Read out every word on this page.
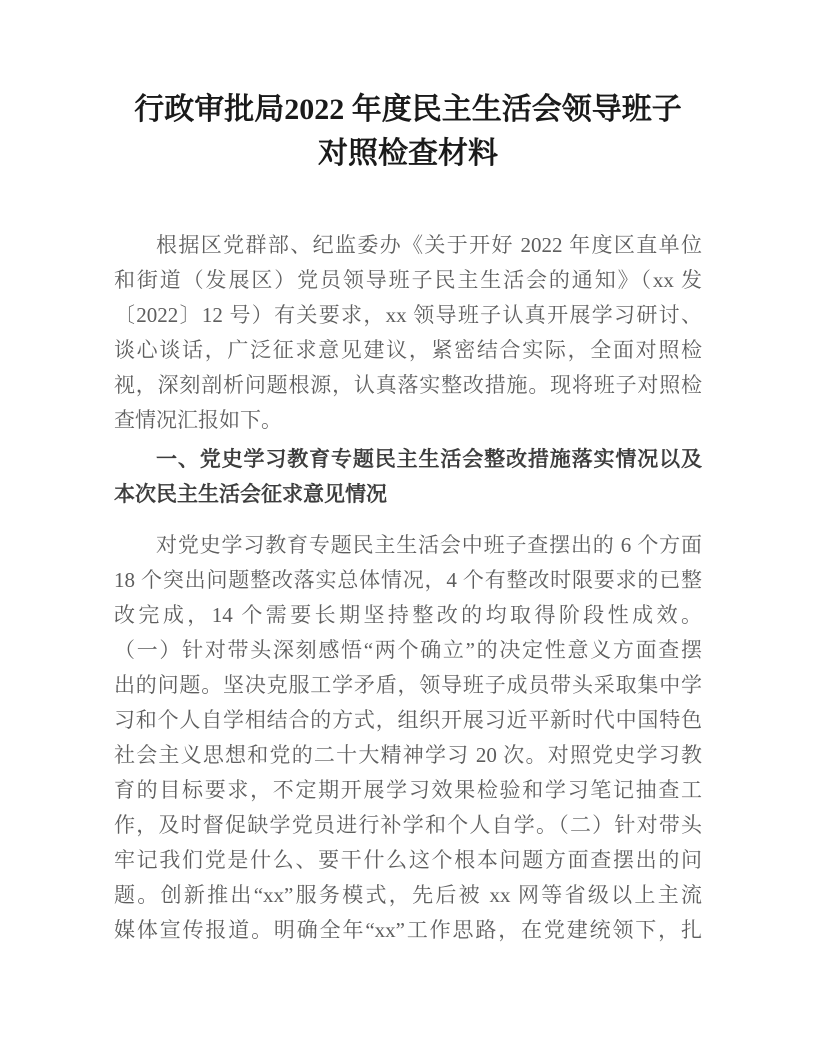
行政审批局2022 年度民主生活会领导班子
对照检查材料
根据区党群部、纪监委办《关于开好 2022 年度区直单位
和街道（发展区）党员领导班子民主生活会的通知》（xx 发
〔2022〕12 号）有关要求，xx 领导班子认真开展学习研讨、
谈心谈话，广泛征求意见建议，紧密结合实际，全面对照检
视，深刻剖析问题根源，认真落实整改措施。现将班子对照检
查情况汇报如下。
一、党史学习教育专题民主生活会整改措施落实情况以及
本次民主生活会征求意见情况
对党史学习教育专题民主生活会中班子查摆出的 6 个方面
18 个突出问题整改落实总体情况，4 个有整改时限要求的已整
改完成，14 个需要长期坚持整改的均取得阶段性成效。
（一）针对带头深刻感悟“两个确立”的决定性意义方面查摆
出的问题。坚决克服工学矛盾，领导班子成员带头采取集中学
习和个人自学相结合的方式，组织开展习近平新时代中国特色
社会主义思想和党的二十大精神学习 20 次。对照党史学习教
育的目标要求，不定期开展学习效果检验和学习笔记抽查工
作，及时督促缺学党员进行补学和个人自学。（二）针对带头
牢记我们党是什么、要干什么这个根本问题方面查摆出的问
题。创新推出“xx”服务模式，先后被 xx 网等省级以上主流
媒体宣传报道。明确全年“xx”工作思路，在党建统领下，扎
